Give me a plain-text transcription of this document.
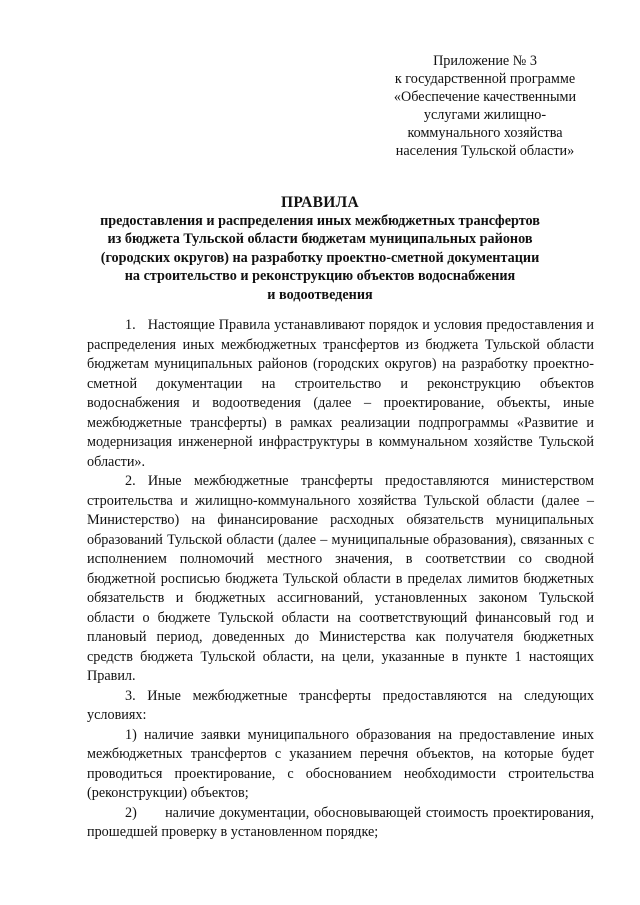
Приложение № 3
к государственной программе
«Обеспечение качественными
услугами жилищно-
коммунального хозяйства
населения Тульской области»
ПРАВИЛА
предоставления и распределения иных межбюджетных трансфертов
из бюджета Тульской области бюджетам муниципальных районов
(городских округов) на разработку проектно-сметной документации
на строительство и реконструкцию объектов водоснабжения
и водоотведения

1.   Настоящие Правила устанавливают порядок и условия предоставления и распределения иных межбюджетных трансфертов из бюджета Тульской области бюджетам муниципальных районов (городских округов) на разработку проектно-сметной документации на строительство и реконструкцию объектов водоснабжения и водоотведения (далее – проектирование, объекты, иные межбюджетные трансферты) в рамках реализации подпрограммы «Развитие и модернизация инженерной инфраструктуры в коммунальном хозяйстве Тульской области».

2. Иные межбюджетные трансферты предоставляются министерством строительства и жилищно-коммунального хозяйства Тульской области (далее – Министерство) на финансирование расходных обязательств муниципальных образований Тульской области (далее – муниципальные образования), связанных с исполнением полномочий местного значения, в соответствии со сводной бюджетной росписью бюджета Тульской области в пределах лимитов бюджетных обязательств и бюджетных ассигнований, установленных законом Тульской области о бюджете Тульской области на соответствующий финансовый год и плановый период, доведенных до Министерства как получателя бюджетных средств бюджета Тульской области, на цели, указанные в пункте 1 настоящих Правил.

3. Иные межбюджетные трансферты предоставляются на следующих условиях:

1) наличие заявки муниципального образования на предоставление иных межбюджетных трансфертов с указанием перечня объектов, на которые будет проводиться проектирование, с обоснованием необходимости строительства (реконструкции) объектов;

2)      наличие документации, обосновывающей стоимость проектирования, прошедшей проверку в установленном порядке;
